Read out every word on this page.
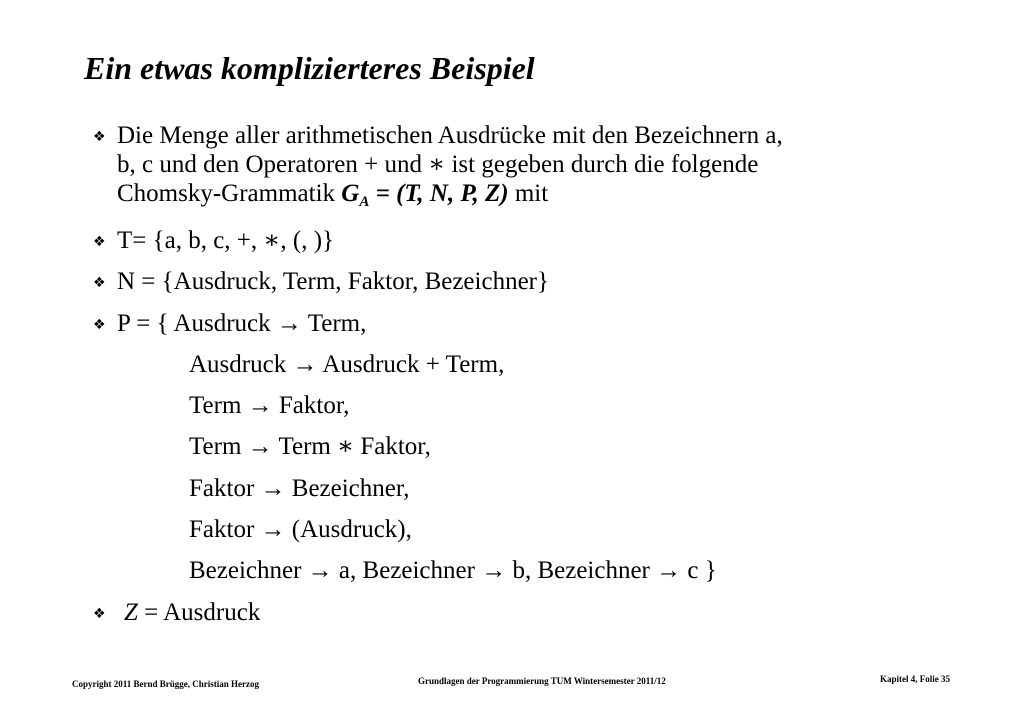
Ein etwas komplizierteres Beispiel
❖ Die Menge aller arithmetischen Ausdrücke mit den Bezeichnern a,
b, c und den Operatoren + und ∗ ist gegeben durch die folgende
Chomsky-Grammatik $G_A = (T$, N, P, Z) mit
❖ T= {a, b, c, +, ∗, (, )}
❖ N = {Ausdruck, Term, Faktor, Bezeichner}
❖ P = { Ausdruck → Term,
Ausdruck → Ausdruck + Term,
Term → Faktor,
Term → Term ∗ Faktor,
Faktor → Bezeichner,
Faktor → (Ausdruck),
Bezeichner → a, Bezeichner → b, Bezeichner → c }
❖ Z = Ausdruck
Copyright 2011 Bernd Brügge, Christian Herzog	Grundlagen der Programmierung TUM Wintersemester 2011/12	Kapitel 4, Folie 35
